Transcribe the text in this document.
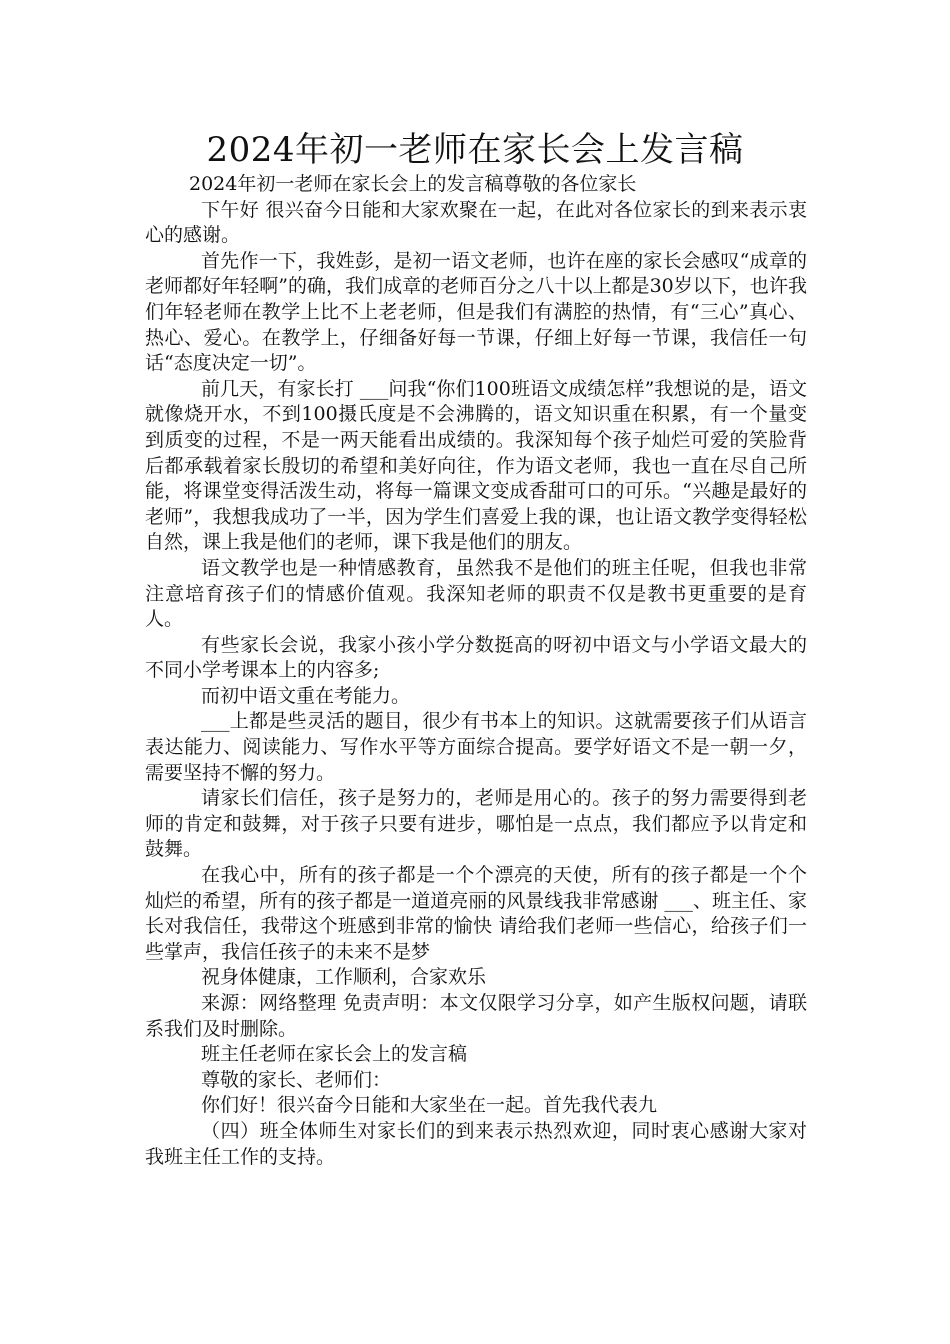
2024年初一老师在家长会上发言稿

2024年初一老师在家长会上的发言稿尊敬的各位家长

下午好 很兴奋今日能和大家欢聚在一起，在此对各位家长的到来表示衷心的感谢。

首先作一下，我姓彭，是初一语文老师，也许在座的家长会感叹“成章的老师都好年轻啊”的确，我们成章的老师百分之八十以上都是30岁以下，也许我们年轻老师在教学上比不上老老师，但是我们有满腔的热情，有“三心”真心、热心、爱心。在教学上，仔细备好每一节课，仔细上好每一节课，我信任一句话“态度决定一切”。

前几天，有家长打 ___问我“你们100班语文成绩怎样”我想说的是，语文就像烧开水，不到100摄氏度是不会沸腾的，语文知识重在积累，有一个量变到质变的过程，不是一两天能看出成绩的。我深知每个孩子灿烂可爱的笑脸背后都承载着家长殷切的希望和美好向往，作为语文老师，我也一直在尽自己所能，将课堂变得活泼生动，将每一篇课文变成香甜可口的可乐。“兴趣是最好的老师”，我想我成功了一半，因为学生们喜爱上我的课，也让语文教学变得轻松自然，课上我是他们的老师，课下我是他们的朋友。

语文教学也是一种情感教育，虽然我不是他们的班主任呢，但我也非常注意培育孩子们的情感价值观。我深知老师的职责不仅是教书更重要的是育人。

有些家长会说，我家小孩小学分数挺高的呀初中语文与小学语文最大的不同小学考课本上的内容多;

而初中语文重在考能力。

___上都是些灵活的题目，很少有书本上的知识。这就需要孩子们从语言表达能力、阅读能力、写作水平等方面综合提高。要学好语文不是一朝一夕，需要坚持不懈的努力。

请家长们信任，孩子是努力的，老师是用心的。孩子的努力需要得到老师的肯定和鼓舞，对于孩子只要有进步，哪怕是一点点，我们都应予以肯定和鼓舞。

在我心中，所有的孩子都是一个个漂亮的天使，所有的孩子都是一个个灿烂的希望，所有的孩子都是一道道亮丽的风景线我非常感谢 ___、班主任、家长对我信任，我带这个班感到非常的愉快 请给我们老师一些信心，给孩子们一些掌声，我信任孩子的未来不是梦

祝身体健康，工作顺利，合家欢乐

来源：网络整理 免责声明：本文仅限学习分享，如产生版权问题，请联系我们及时删除。

班主任老师在家长会上的发言稿

尊敬的家长、老师们：

你们好！很兴奋今日能和大家坐在一起。首先我代表九

（四）班全体师生对家长们的到来表示热烈欢迎，同时衷心感谢大家对我班主任工作的支持。
